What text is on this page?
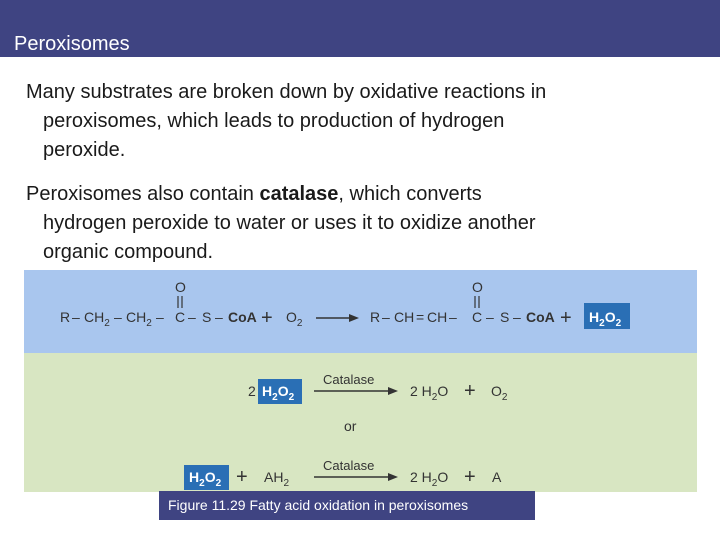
Peroxisomes
Many substrates are broken down by oxidative reactions in
peroxisomes, which leads to production of hydrogen
peroxide.
Peroxisomes also contain catalase, which converts
hydrogen peroxide to water or uses it to oxidize another
organic compound.
R – $CH_2 - CH_2$ –
O
C – S – CoA + $O_2$	R – CH = CH –
O
C – S – CoA + $H_2O_2$
2 $H_2O_2$
Catalase
2 $H_2O + O_2$
or
$H_2O_2 + AH_2$
Catalase
2 $H_2O + A$
Figure 11.29 Fatty acid oxidation in peroxisomes
